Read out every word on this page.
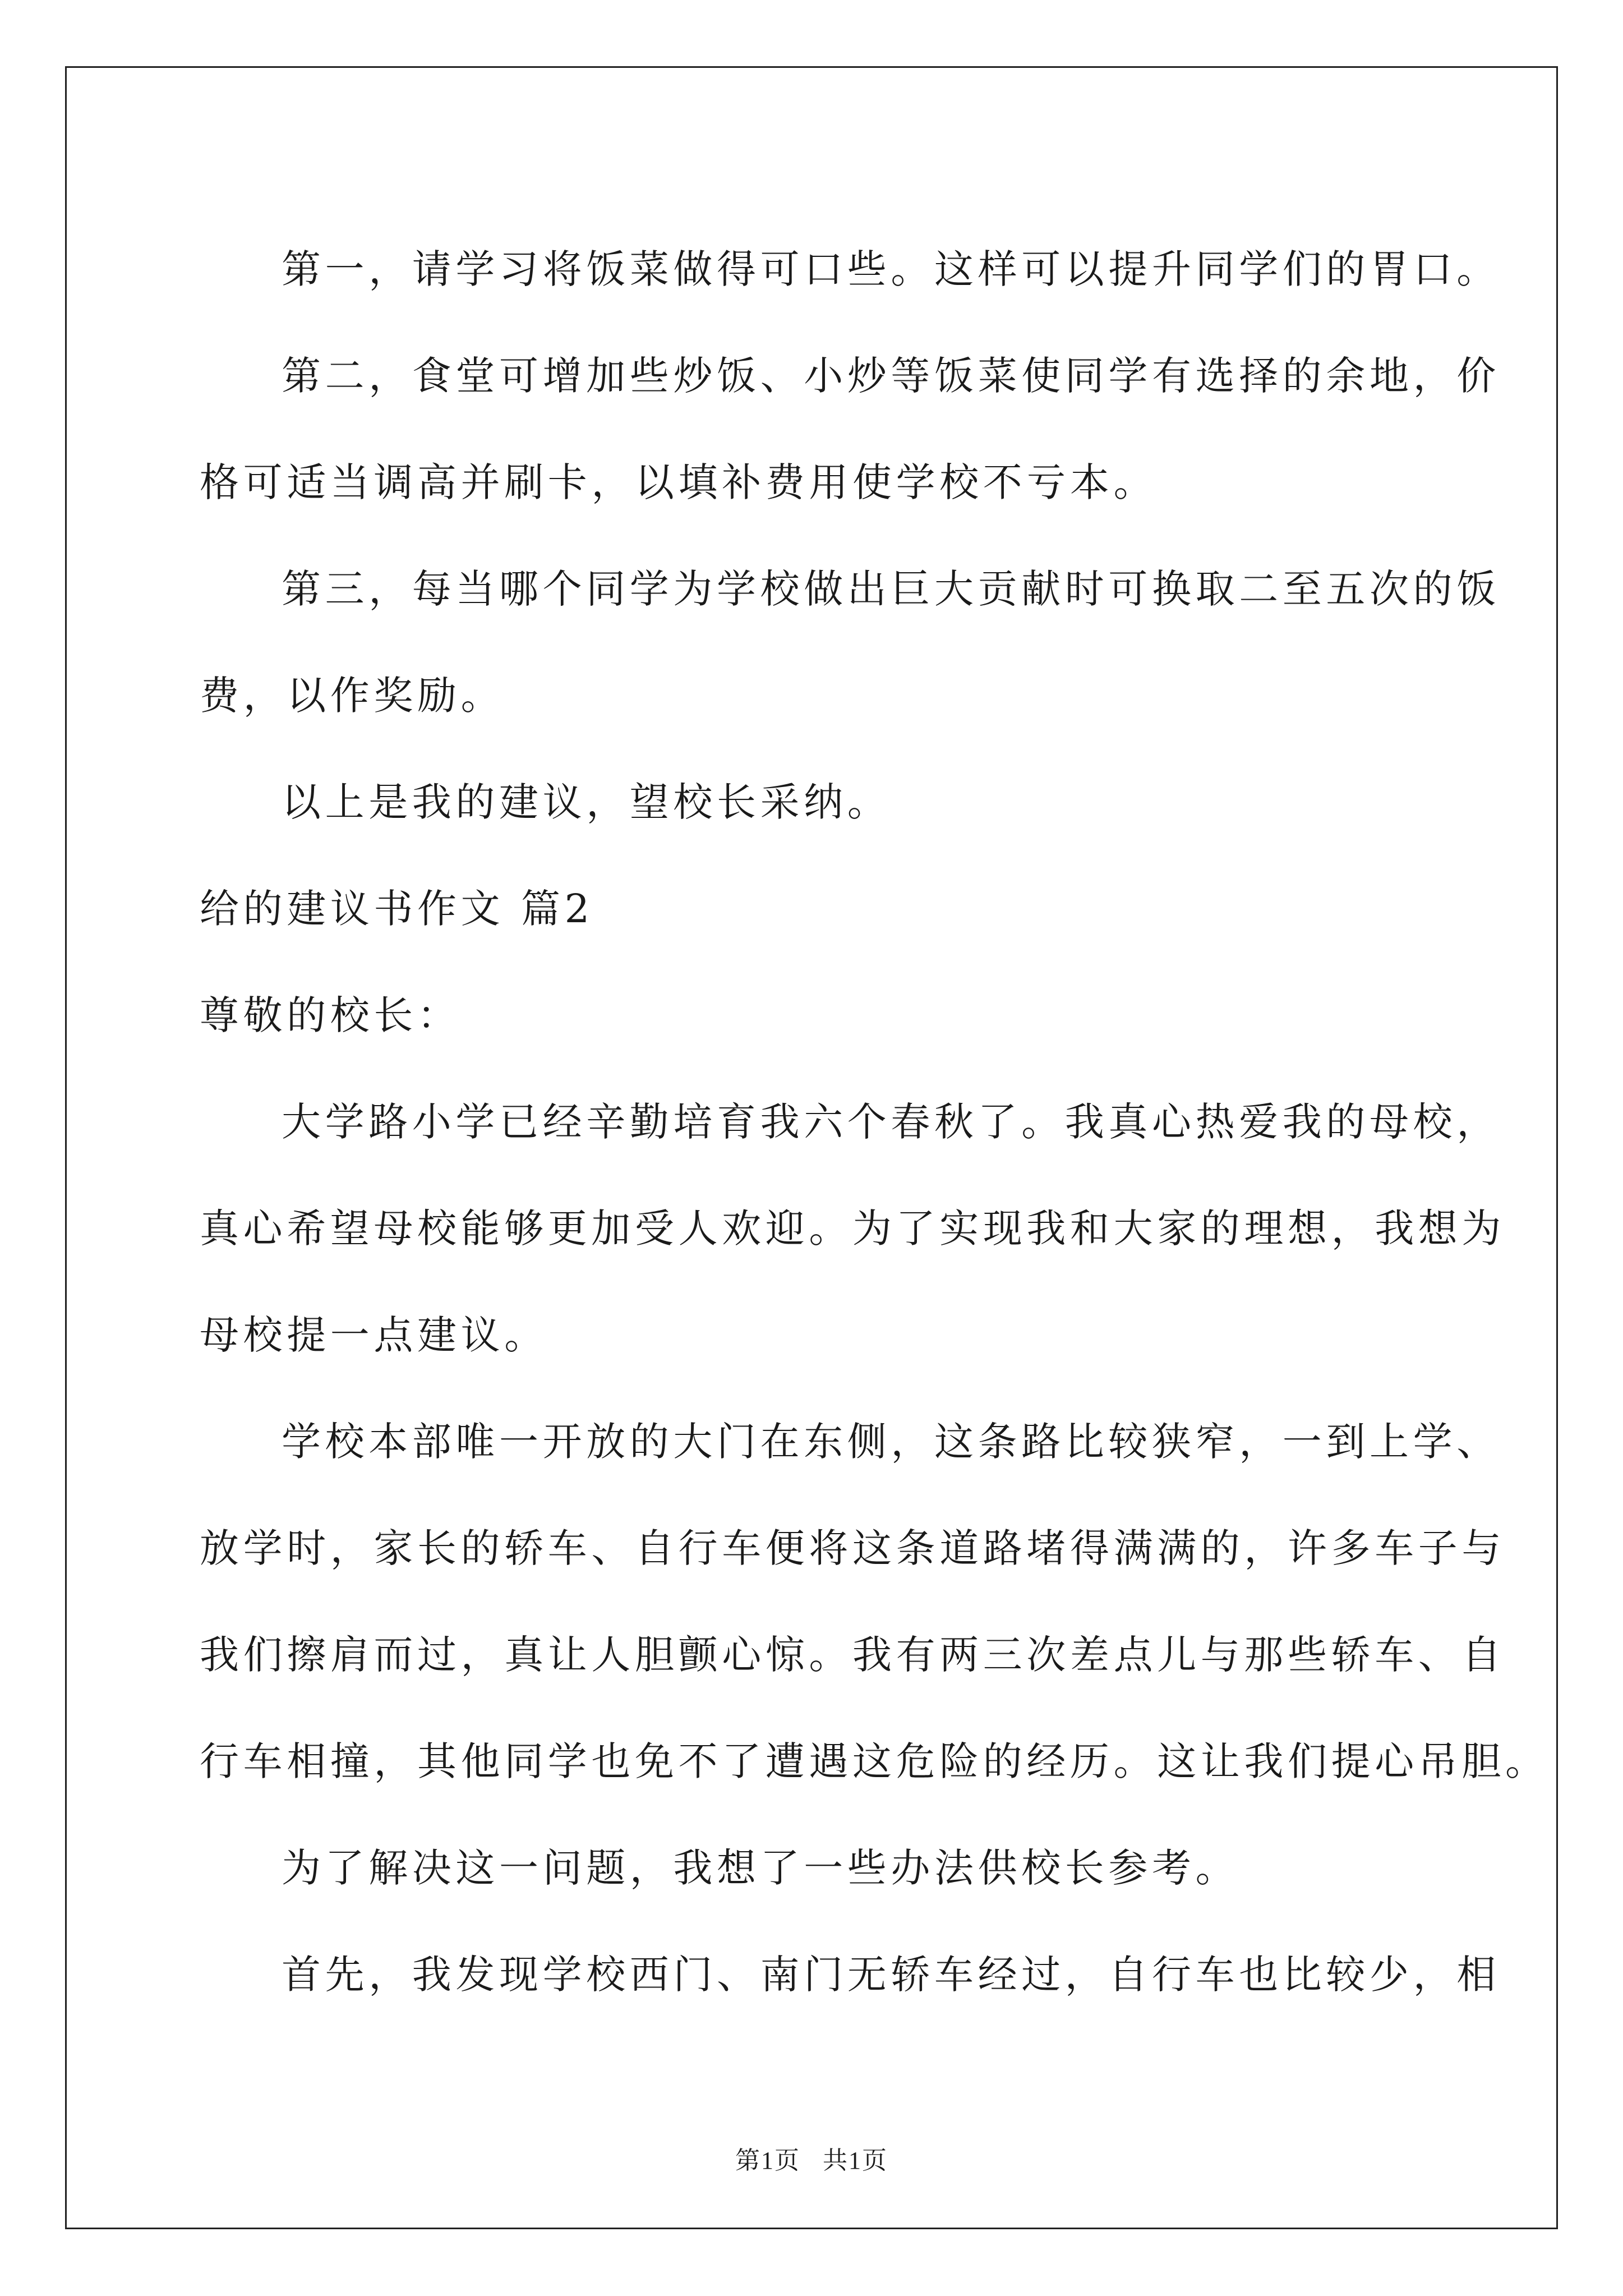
第一，请学习将饭菜做得可口些。这样可以提升同学们的胃口。
第二，食堂可增加些炒饭、小炒等饭菜使同学有选择的余地，价
格可适当调高并刷卡，以填补费用使学校不亏本。
第三，每当哪个同学为学校做出巨大贡献时可换取二至五次的饭
费，以作奖励。
以上是我的建议，望校长采纳。
给的建议书作文 篇2
尊敬的校长：
大学路小学已经辛勤培育我六个春秋了。我真心热爱我的母校，
真心希望母校能够更加受人欢迎。为了实现我和大家的理想，我想为
母校提一点建议。
学校本部唯一开放的大门在东侧，这条路比较狭窄，一到上学、
放学时，家长的轿车、自行车便将这条道路堵得满满的，许多车子与
我们擦肩而过，真让人胆颤心惊。我有两三次差点儿与那些轿车、自
行车相撞，其他同学也免不了遭遇这危险的经历。这让我们提心吊胆。
为了解决这一问题，我想了一些办法供校长参考。
首先，我发现学校西门、南门无轿车经过，自行车也比较少，相
第1页 共1页
